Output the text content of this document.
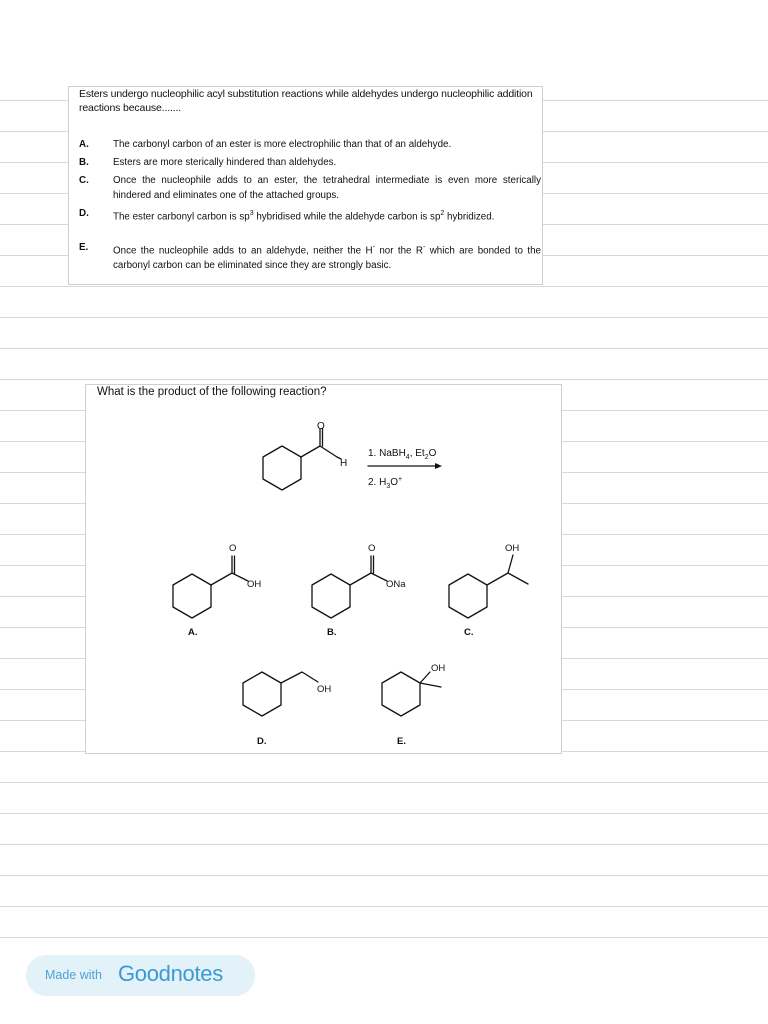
Esters undergo nucleophilic acyl substitution reactions while aldehydes undergo nucleophilic addition reactions because.......
A. The carbonyl carbon of an ester is more electrophilic than that of an aldehyde.
B. Esters are more sterically hindered than aldehydes.
C. Once the nucleophile adds to an ester, the tetrahedral intermediate is even more sterically hindered and eliminates one of the attached groups.
D. The ester carbonyl carbon is $sp^3$ hybridised while the aldehyde carbon is $sp^2$ hybridized.
E.	Once the nucleophile adds to an aldehyde, neither the H- nor the R- which are bonded to the carbonyl carbon can be eliminated since they are strongly basic.
What is the product of the following reaction?
O
H
1. NaBH$_4$, $Et_2O$
2. $H_3O^+$
O
OH
A.
O
ONa
B.
OH
C.
OH
D.
OH
E.
Made with Goodnotes
